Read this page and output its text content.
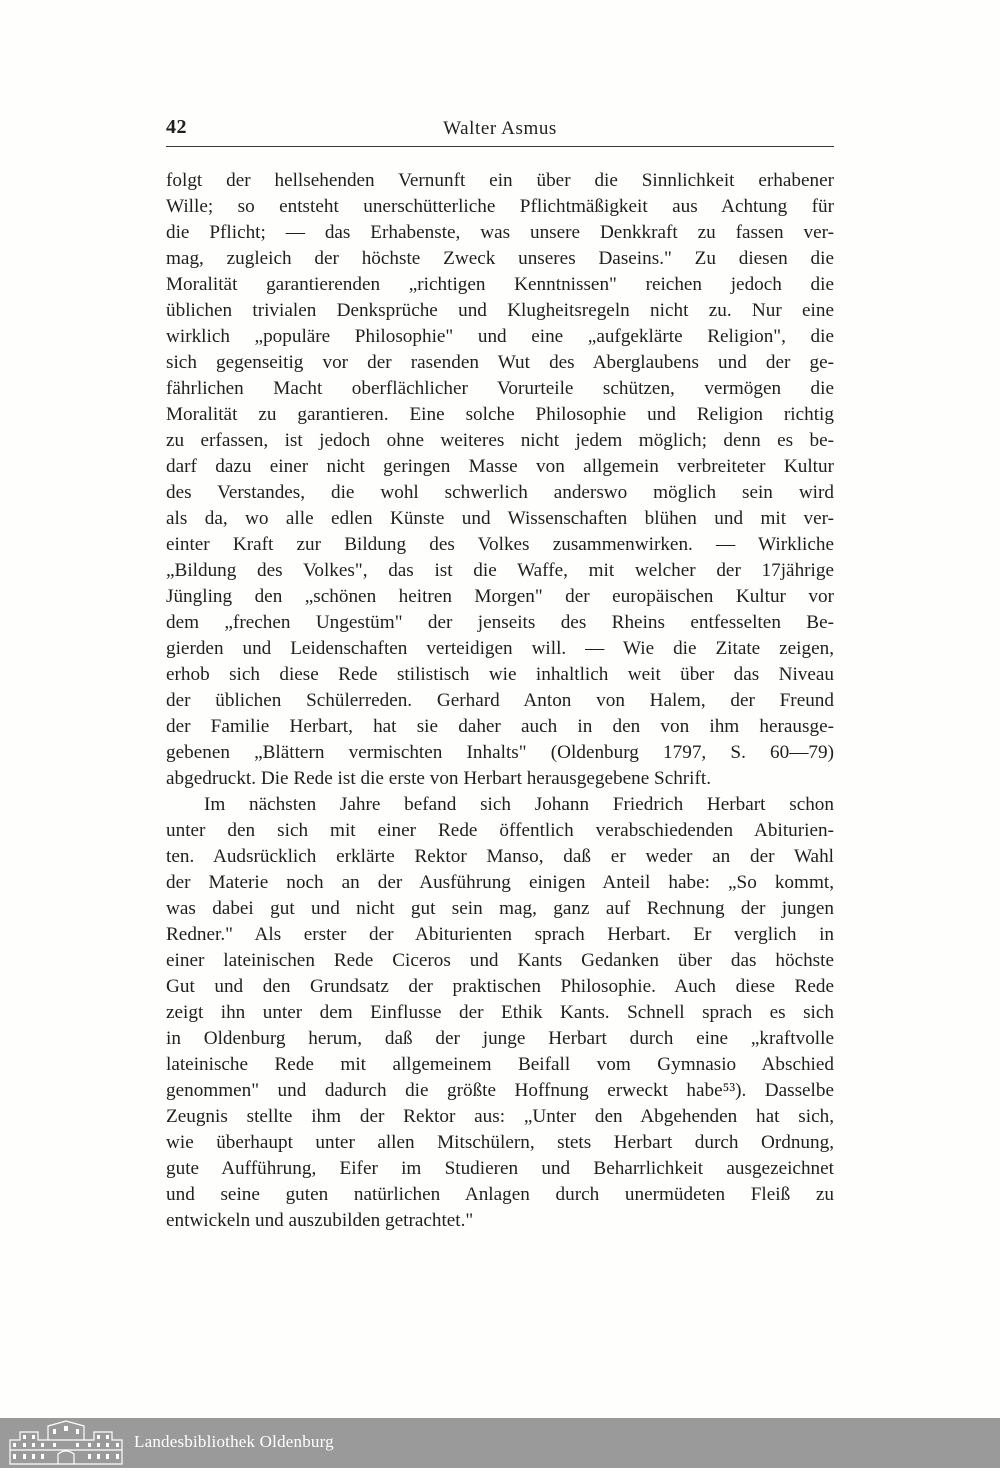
42	Walter Asmus
folgt der hellsehenden Vernunft ein über die Sinnlichkeit erhabener
Wille; so entsteht unerschütterliche Pflichtmäßigkeit aus Achtung für
die Pflicht; — das Erhabenste, was unsere Denkkraft zu fassen ver-
mag, zugleich der höchste Zweck unseres Daseins." Zu diesen die
Moralität garantierenden „richtigen Kenntnissen" reichen jedoch die
üblichen trivialen Denksprüche und Klugheitsregeln nicht zu. Nur eine
wirklich „populäre Philosophie" und eine „aufgeklärte Religion", die
sich gegenseitig vor der rasenden Wut des Aberglaubens und der ge-
fährlichen Macht oberflächlicher Vorurteile schützen, vermögen die
Moralität zu garantieren. Eine solche Philosophie und Religion richtig
zu erfassen, ist jedoch ohne weiteres nicht jedem möglich; denn es be-
darf dazu einer nicht geringen Masse von allgemein verbreiteter Kultur
des Verstandes, die wohl schwerlich anderswo möglich sein wird
als da, wo alle edlen Künste und Wissenschaften blühen und mit ver-
einter Kraft zur Bildung des Volkes zusammenwirken. — Wirkliche
„Bildung des Volkes", das ist die Waffe, mit welcher der 17jährige
Jüngling den „schönen heitren Morgen" der europäischen Kultur vor
dem „frechen Ungestüm" der jenseits des Rheins entfesselten Be-
gierden und Leidenschaften verteidigen will. — Wie die Zitate zeigen,
erhob sich diese Rede stilistisch wie inhaltlich weit über das Niveau
der üblichen Schülerreden. Gerhard Anton von Halem, der Freund
der Familie Herbart, hat sie daher auch in den von ihm herausge-
gebenen „Blättern vermischten Inhalts" (Oldenburg 1797, S. 60—79)
abgedruckt. Die Rede ist die erste von Herbart herausgegebene Schrift.
Im nächsten Jahre befand sich Johann Friedrich Herbart schon
unter den sich mit einer Rede öffentlich verabschiedenden Abiturien-
ten. Audsrücklich erklärte Rektor Manso, daß er weder an der Wahl
der Materie noch an der Ausführung einigen Anteil habe: „So kommt,
was dabei gut und nicht gut sein mag, ganz auf Rechnung der jungen
Redner." Als erster der Abiturienten sprach Herbart. Er verglich in
einer lateinischen Rede Ciceros und Kants Gedanken über das höchste
Gut und den Grundsatz der praktischen Philosophie. Auch diese Rede
zeigt ihn unter dem Einflusse der Ethik Kants. Schnell sprach es sich
in Oldenburg herum, daß der junge Herbart durch eine „kraftvolle
lateinische Rede mit allgemeinem Beifall vom Gymnasio Abschied
genommen" und dadurch die größte Hoffnung erweckt habe⁵³). Dasselbe
Zeugnis stellte ihm der Rektor aus: „Unter den Abgehenden hat sich,
wie überhaupt unter allen Mitschülern, stets Herbart durch Ordnung,
gute Aufführung, Eifer im Studieren und Beharrlichkeit ausgezeichnet
und seine guten natürlichen Anlagen durch unermüdeten Fleiß zu
entwickeln und auszubilden getrachtet."
Landesbibliothek Oldenburg
